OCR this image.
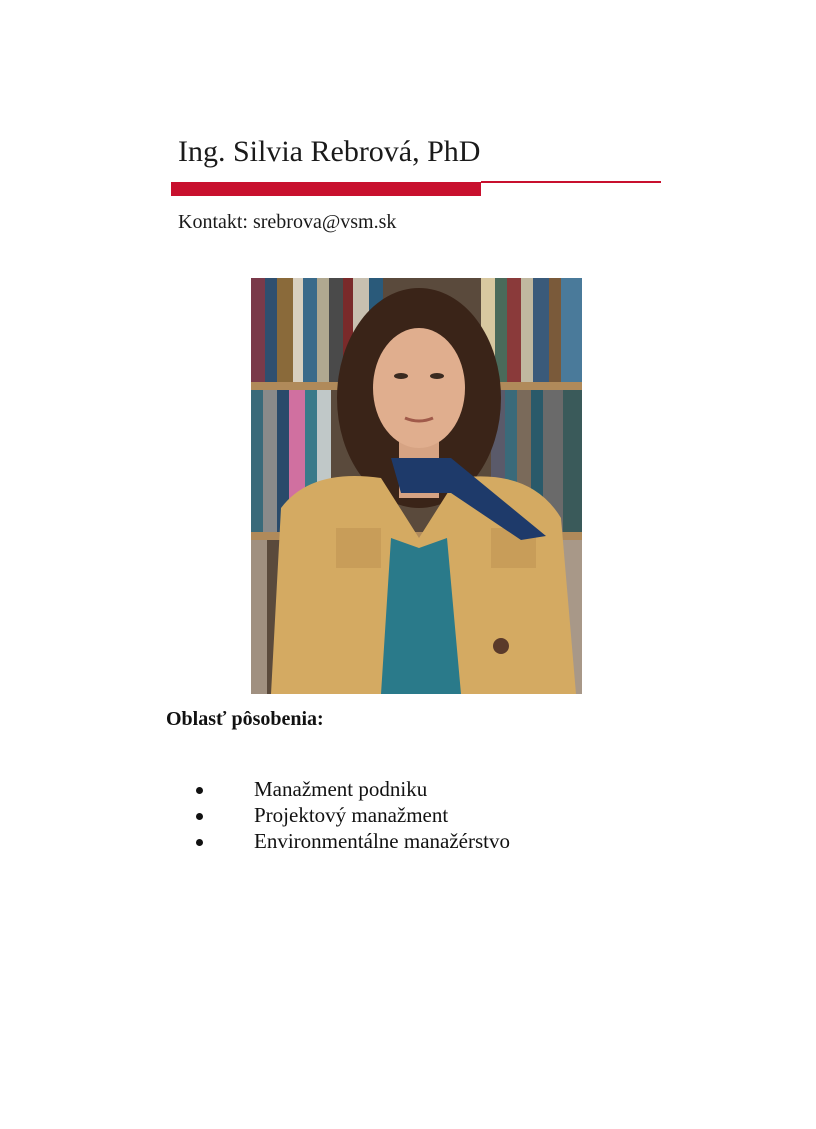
Ing. Silvia Rebrová, PhD
Kontakt: srebrova@vsm.sk
Oblasť pôsobenia:
Manažment podniku
Projektový manažment
Environmentálne manažérstvo
